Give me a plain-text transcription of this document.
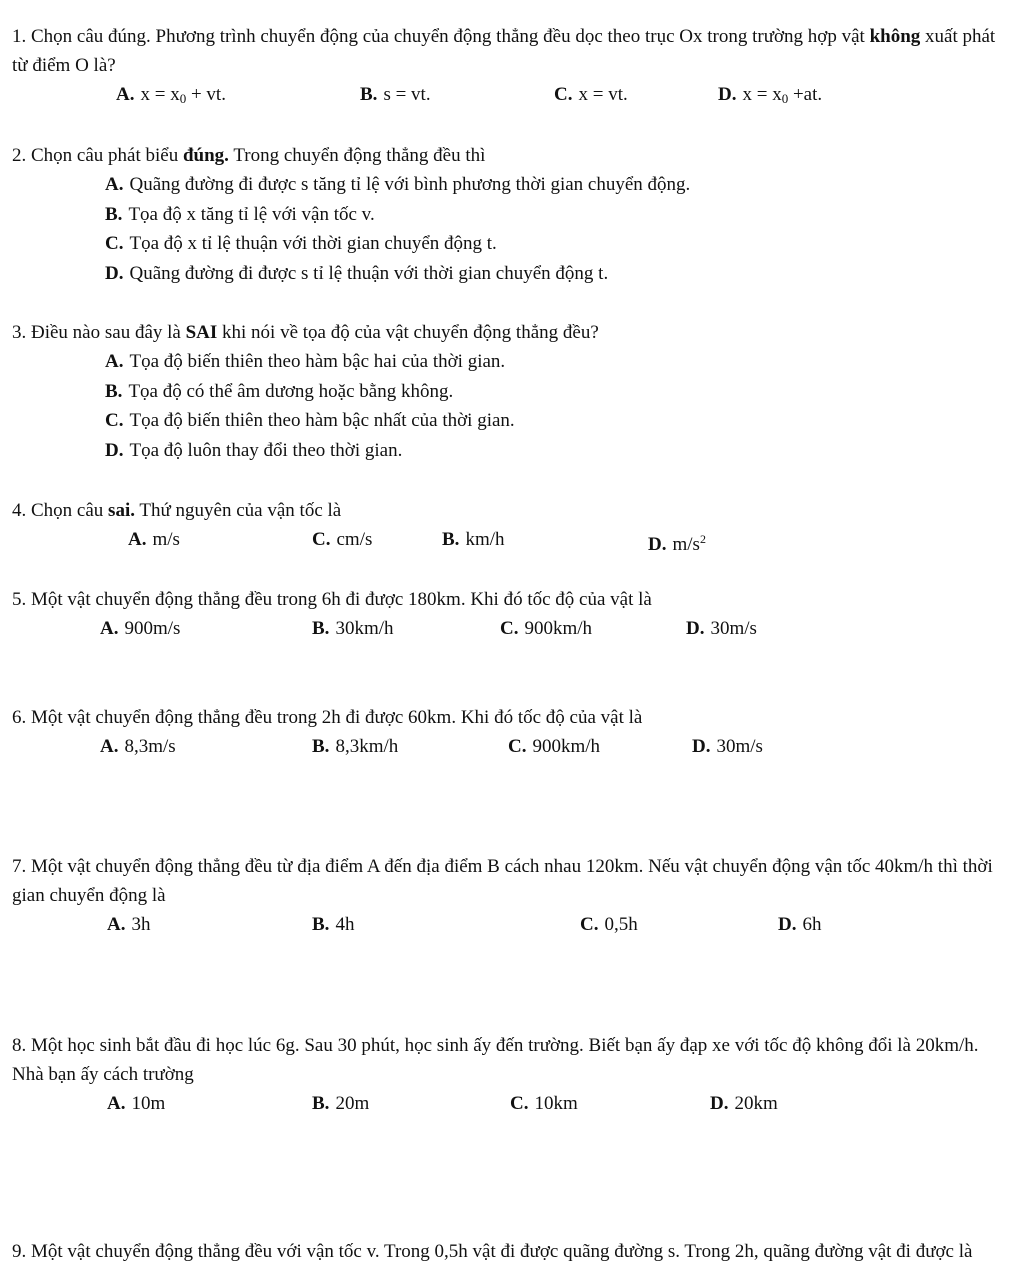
1. Chọn câu đúng. Phương trình chuyển động của chuyển động thẳng đều dọc theo trục Ox trong trường hợp vật không xuất phát từ điểm O là?

A. $x = x_0$ + vt.	B. s = vt.	C. x = vt.	D. $x = x_0 +at$.

2. Chọn câu phát biểu đúng. Trong chuyển động thẳng đều thì

A. Quãng đường đi được s tăng tỉ lệ với bình phương thời gian chuyển động.
B. Tọa độ x tăng tỉ lệ với vận tốc v.
C. Tọa độ x tỉ lệ thuận với thời gian chuyển động t.
D. Quãng đường đi được s tỉ lệ thuận với thời gian chuyển động t.

3. Điều nào sau đây là SAI khi nói về tọa độ của vật chuyển động thẳng đều?

A. Tọa độ biến thiên theo hàm bậc hai của thời gian.
B. Tọa độ có thể âm dương hoặc bằng không.
C. Tọa độ biến thiên theo hàm bậc nhất của thời gian.
D. Tọa độ luôn thay đổi theo thời gian.

4. Chọn câu sai. Thứ nguyên của vận tốc là

A. m/s	C. cm/s	B. km/h	D. $m/s^2$

5. Một vật chuyển động thẳng đều trong 6h đi được 180km. Khi đó tốc độ của vật là

A. 900m/s	B. 30km/h	C. 900km/h	D. 30m/s

6. Một vật chuyển động thẳng đều trong 2h đi được 60km. Khi đó tốc độ của vật là

A. 8,3m/s	B. 8,3km/h	C. 900km/h	D. 30m/s

7. Một vật chuyển động thẳng đều từ địa điểm A đến địa điểm B cách nhau 120km. Nếu vật chuyển động vận tốc 40km/h thì thời gian chuyển động là

A. 3h	B. 4h	C. 0,5h	D. 6h

8. Một học sinh bắt đầu đi học lúc 6g. Sau 30 phút, học sinh ấy đến trường. Biết bạn ấy đạp xe với tốc độ không đổi là 20km/h. Nhà bạn ấy cách trường

A. 10m	B. 20m	C. 10km	D. 20km

9. Một vật chuyển động thẳng đều với vận tốc v. Trong 0,5h vật đi được quãng đường s. Trong 2h, quãng đường vật đi được là
